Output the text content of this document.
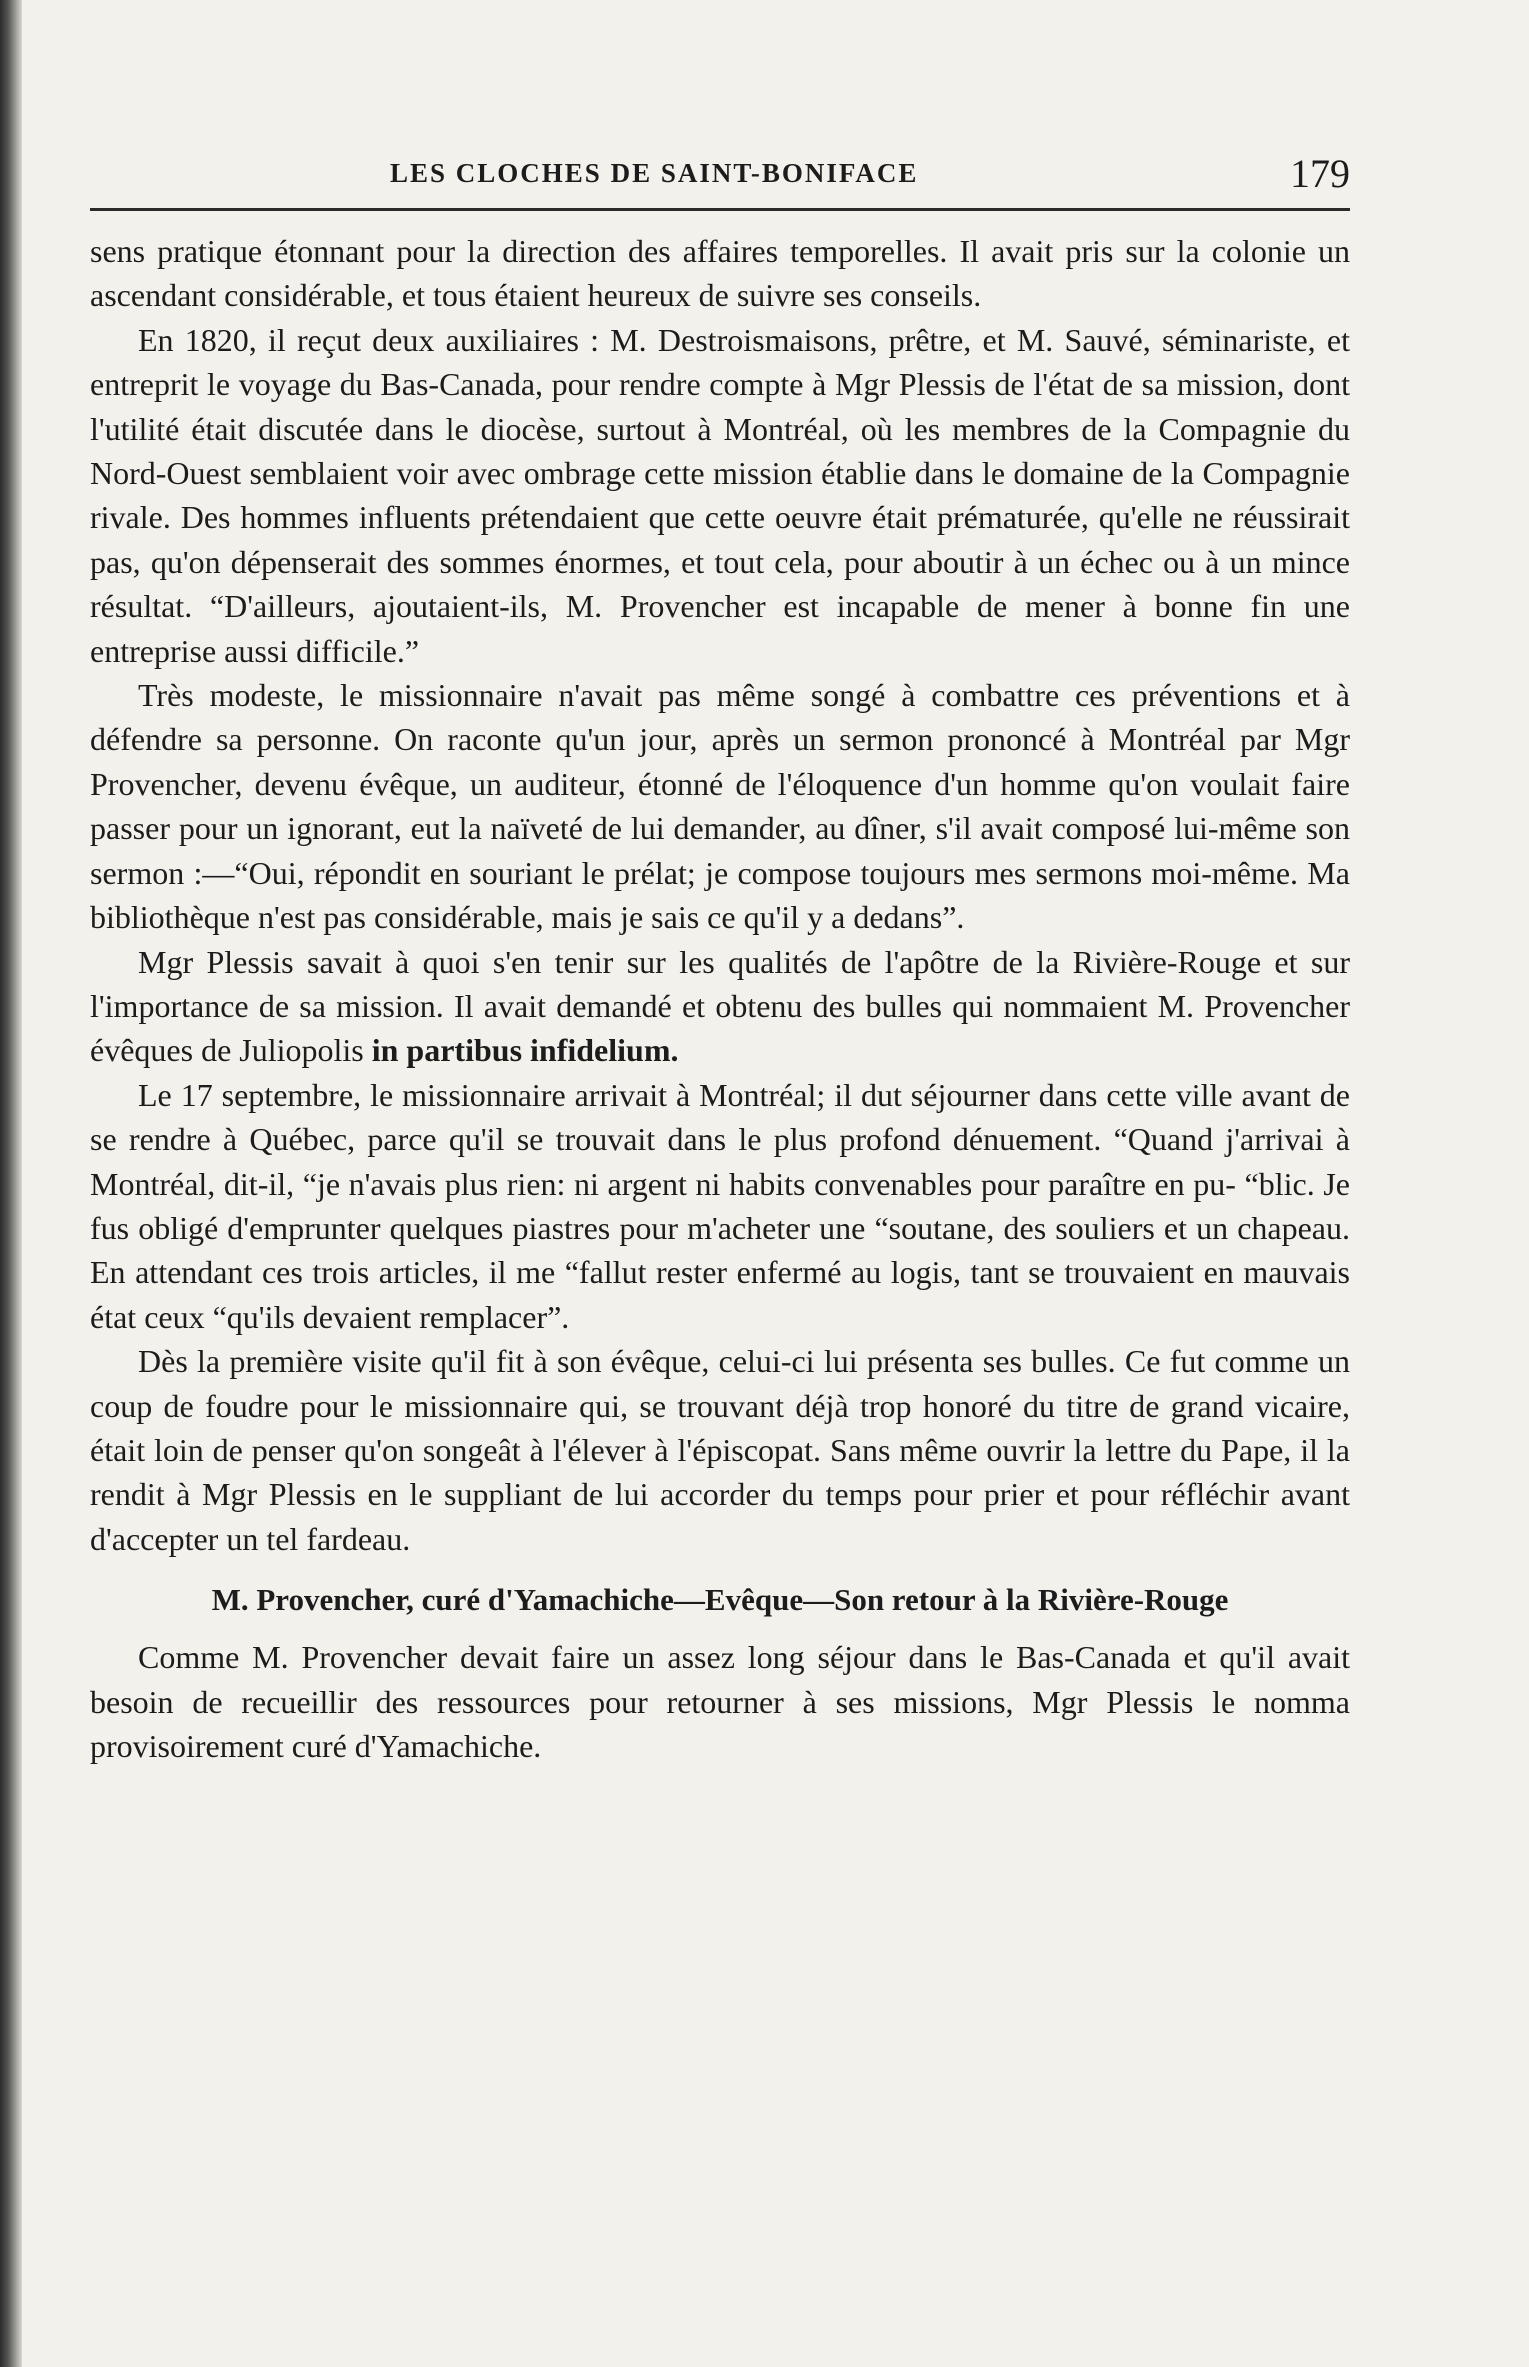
LES CLOCHES DE SAINT-BONIFACE	179

sens pratique étonnant pour la direction des affaires temporelles. Il avait pris sur la colonie un ascendant considérable, et tous étaient heureux de suivre ses conseils.

En 1820, il reçut deux auxiliaires : M. Destroismaisons, prêtre, et M. Sauvé, séminariste, et entreprit le voyage du Bas-Canada, pour rendre compte à Mgr Plessis de l'état de sa mission, dont l'utilité était discutée dans le diocèse, surtout à Montréal, où les membres de la Compagnie du Nord-Ouest semblaient voir avec ombrage cette mission établie dans le domaine de la Compagnie rivale. Des hommes influents prétendaient que cette oeuvre était prématurée, qu'elle ne réussirait pas, qu'on dépenserait des sommes énormes, et tout cela, pour aboutir à un échec ou à un mince résultat. “D'ailleurs, ajoutaient-ils, M. Provencher est incapable de mener à bonne fin une entreprise aussi difficile.”

Très modeste, le missionnaire n'avait pas même songé à combattre ces préventions et à défendre sa personne. On raconte qu'un jour, après un sermon prononcé à Montréal par Mgr Provencher, devenu évêque, un auditeur, étonné de l'éloquence d'un homme qu'on voulait faire passer pour un ignorant, eut la naïveté de lui demander, au dîner, s'il avait composé lui-même son sermon :—“Oui, répondit en souriant le prélat; je compose toujours mes sermons moi-même. Ma bibliothèque n'est pas considérable, mais je sais ce qu'il y a dedans”.

Mgr Plessis savait à quoi s'en tenir sur les qualités de l'apôtre de la Rivière-Rouge et sur l'importance de sa mission. Il avait demandé et obtenu des bulles qui nommaient M. Provencher évêques de Juliopolis in partibus infidelium.

Le 17 septembre, le missionnaire arrivait à Montréal; il dut séjourner dans cette ville avant de se rendre à Québec, parce qu'il se trouvait dans le plus profond dénuement. “Quand j'arrivai à Montréal, dit-il, “je n'avais plus rien: ni argent ni habits convenables pour paraître en pu- “blic. Je fus obligé d'emprunter quelques piastres pour m'acheter une “soutane, des souliers et un chapeau. En attendant ces trois articles, il me “fallut rester enfermé au logis, tant se trouvaient en mauvais état ceux “qu'ils devaient remplacer”.

Dès la première visite qu'il fit à son évêque, celui-ci lui présenta ses bulles. Ce fut comme un coup de foudre pour le missionnaire qui, se trouvant déjà trop honoré du titre de grand vicaire, était loin de penser qu'on songeât à l'élever à l'épiscopat. Sans même ouvrir la lettre du Pape, il la rendit à Mgr Plessis en le suppliant de lui accorder du temps pour prier et pour réfléchir avant d'accepter un tel fardeau.

M. Provencher, curé d'Yamachiche—Evêque—Son retour à la Rivière-Rouge

Comme M. Provencher devait faire un assez long séjour dans le Bas-Canada et qu'il avait besoin de recueillir des ressources pour retourner à ses missions, Mgr Plessis le nomma provisoirement curé d'Yamachiche.
